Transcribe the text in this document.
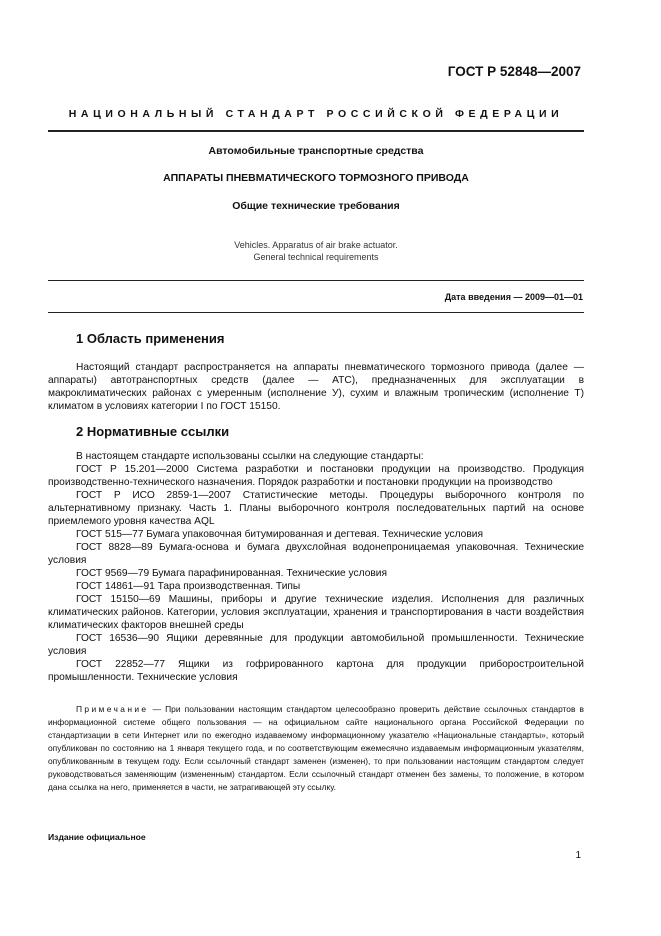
ГОСТ Р 52848—2007
НАЦИОНАЛЬНЫЙ СТАНДАРТ РОССИЙСКОЙ ФЕДЕРАЦИИ
Автомобильные транспортные средства
АППАРАТЫ ПНЕВМАТИЧЕСКОГО ТОРМОЗНОГО ПРИВОДА
Общие технические требования
Vehicles. Apparatus of air brake actuator.
General technical requirements
Дата введения — 2009—01—01
1 Область применения

Настоящий стандарт распространяется на аппараты пневматического тормозного привода (далее — аппараты) автотранспортных средств (далее — АТС), предназначенных для эксплуатации в макроклиматических районах с умеренным (исполнение У), сухим и влажным тропическим (исполнение Т) климатом в условиях категории I по ГОСТ 15150.

2 Нормативные ссылки

В настоящем стандарте использованы ссылки на следующие стандарты:

ГОСТ Р 15.201—2000 Система разработки и постановки продукции на производство. Продукция производственно-технического назначения. Порядок разработки и постановки продукции на производство

ГОСТ Р ИСО 2859-1—2007 Статистические методы. Процедуры выборочного контроля по альтернативному признаку. Часть 1. Планы выборочного контроля последовательных партий на основе приемлемого уровня качества AQL

ГОСТ 515—77 Бумага упаковочная битумированная и дегтевая. Технические условия

ГОСТ 8828—89 Бумага-основа и бумага двухслойная водонепроницаемая упаковочная. Технические условия

ГОСТ 9569—79 Бумага парафинированная. Технические условия

ГОСТ 14861—91 Тара производственная. Типы

ГОСТ 15150—69 Машины, приборы и другие технические изделия. Исполнения для различных климатических районов. Категории, условия эксплуатации, хранения и транспортирования в части воздействия климатических факторов внешней среды

ГОСТ 16536—90 Ящики деревянные для продукции автомобильной промышленности. Технические условия

ГОСТ 22852—77 Ящики из гофрированного картона для продукции приборостроительной промышленности. Технические условия

Примечание — При пользовании настоящим стандартом целесообразно проверить действие ссылочных стандартов в информационной системе общего пользования — на официальном сайте национального органа Российской Федерации по стандартизации в сети Интернет или по ежегодно издаваемому информационному указателю «Национальные стандарты», который опубликован по состоянию на 1 января текущего года, и по соответствующим ежемесячно издаваемым информационным указателям, опубликованным в текущем году. Если ссылочный стандарт заменен (изменен), то при пользовании настоящим стандартом следует руководствоваться заменяющим (измененным) стандартом. Если ссылочный стандарт отменен без замены, то положение, в котором дана ссылка на него, применяется в части, не затрагивающей эту ссылку.
Издание официальное
1
